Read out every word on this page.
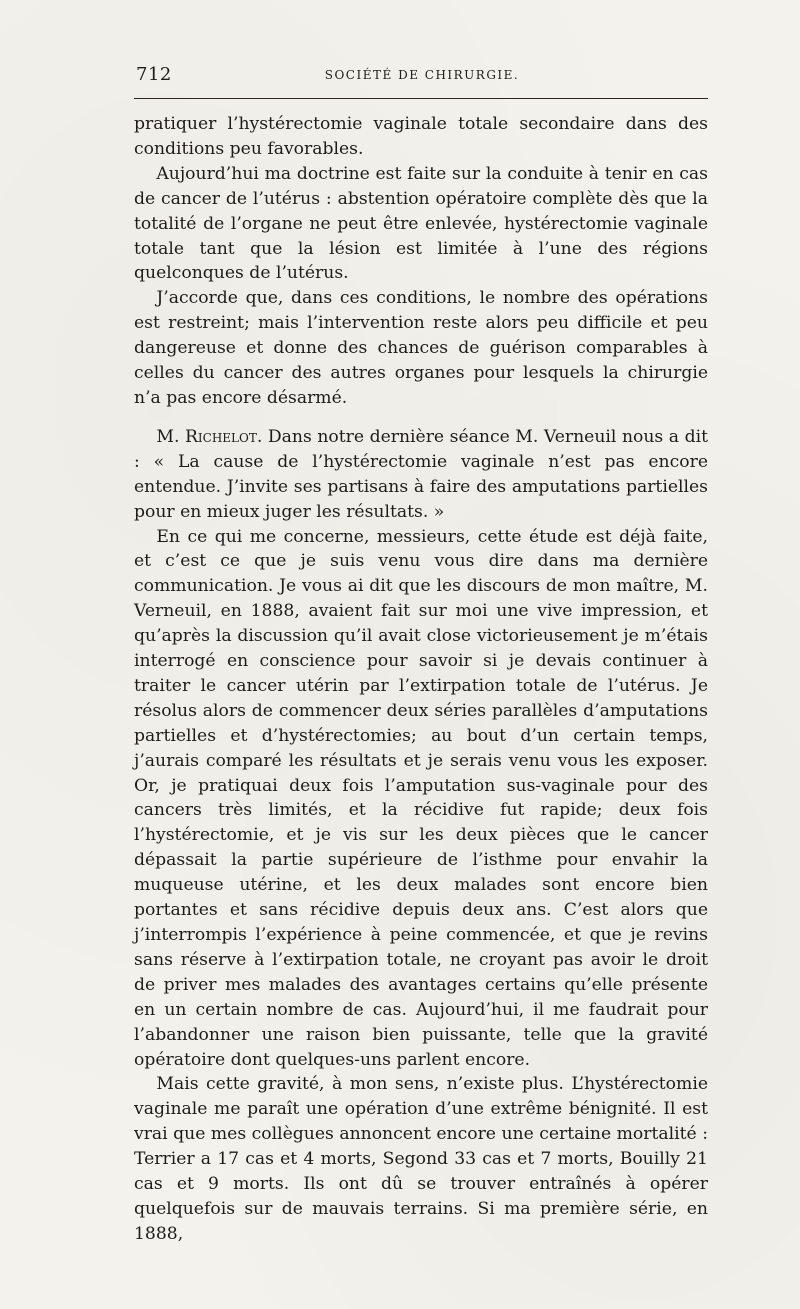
712	SOCIÉTÉ DE CHIRURGIE.

pratiquer l’hystérectomie vaginale totale secondaire dans des conditions peu favorables.

Aujourd’hui ma doctrine est faite sur la conduite à tenir en cas de cancer de l’utérus : abstention opératoire complète dès que la totalité de l’organe ne peut être enlevée, hystérectomie vaginale totale tant que la lésion est limitée à l’une des régions quelconques de l’utérus.

J’accorde que, dans ces conditions, le nombre des opérations est restreint; mais l’intervention reste alors peu difficile et peu dangereuse et donne des chances de guérison comparables à celles du cancer des autres organes pour lesquels la chirurgie n’a pas encore désarmé.

M. Richelot. Dans notre dernière séance M. Verneuil nous a dit : « La cause de l’hystérectomie vaginale n’est pas encore entendue. J’invite ses partisans à faire des amputations partielles pour en mieux juger les résultats. »

En ce qui me concerne, messieurs, cette étude est déjà faite, et c’est ce que je suis venu vous dire dans ma dernière communication. Je vous ai dit que les discours de mon maître, M. Verneuil, en 1888, avaient fait sur moi une vive impression, et qu’après la discussion qu’il avait close victorieusement je m’étais interrogé en conscience pour savoir si je devais continuer à traiter le cancer utérin par l’extirpation totale de l’utérus. Je résolus alors de commencer deux séries parallèles d’amputations partielles et d’hystérectomies; au bout d’un certain temps, j’aurais comparé les résultats et je serais venu vous les exposer. Or, je pratiquai deux fois l’amputation sus-vaginale pour des cancers très limités, et la récidive fut rapide; deux fois l’hystérectomie, et je vis sur les deux pièces que le cancer dépassait la partie supérieure de l’isthme pour envahir la muqueuse utérine, et les deux malades sont encore bien portantes et sans récidive depuis deux ans. C’est alors que j’interrompis l’expérience à peine commencée, et que je revins sans réserve à l’extirpation totale, ne croyant pas avoir le droit de priver mes malades des avantages certains qu’elle présente en un certain nombre de cas. Aujourd’hui, il me faudrait pour l’abandonner une raison bien puissante, telle que la gravité opératoire dont quelques-uns parlent encore.

Mais cette gravité, à mon sens, n’existe plus. L’hystérectomie vaginale me paraît une opération d’une extrême bénignité. Il est vrai que mes collègues annoncent encore une certaine mortalité : Terrier a 17 cas et 4 morts, Segond 33 cas et 7 morts, Bouilly 21 cas et 9 morts. Ils ont dû se trouver entraînés à opérer quelquefois sur de mauvais terrains. Si ma première série, en 1888,
